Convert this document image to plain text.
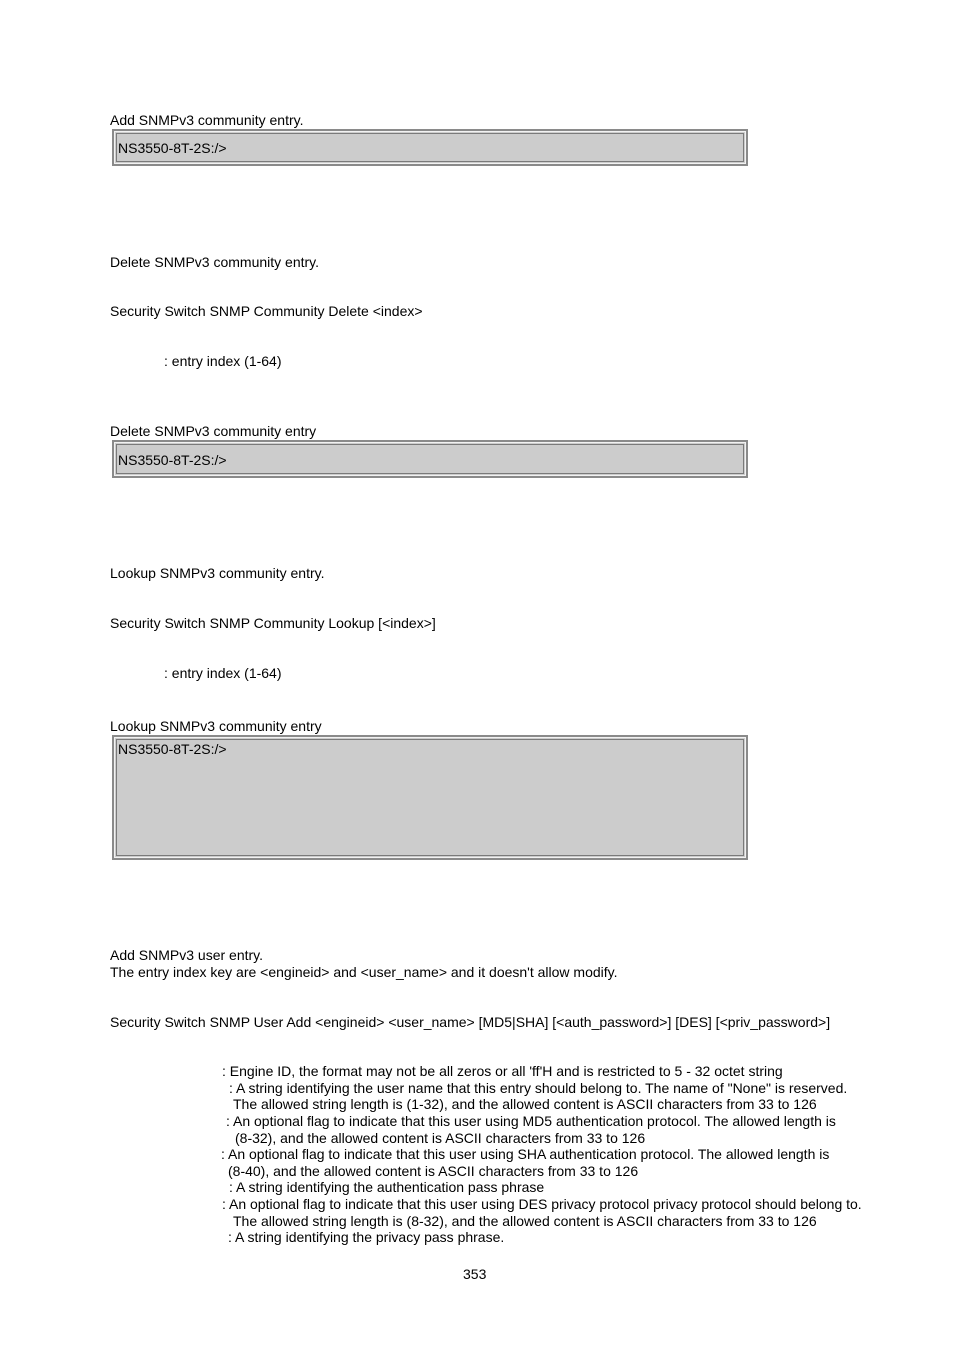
Add SNMPv3 community entry.
NS3550-8T-2S:/>
Delete SNMPv3 community entry.
Security Switch SNMP Community Delete <index>
: entry index (1-64)
Delete SNMPv3 community entry
NS3550-8T-2S:/>
Lookup SNMPv3 community entry.
Security Switch SNMP Community Lookup [<index>]
: entry index (1-64)
Lookup SNMPv3 community entry
NS3550-8T-2S:/>
Add SNMPv3 user entry.
The entry index key are <engineid> and <user_name> and it doesn't allow modify.
Security Switch SNMP User Add <engineid> <user_name> [MD5|SHA] [<auth_password>] [DES] [<priv_password>]
: Engine ID, the format may not be all zeros or all 'ff'H and is restricted to 5 - 32 octet string
: A string identifying the user name that this entry should belong to. The name of "None" is reserved.
The allowed string length is (1-32), and the allowed content is ASCII characters from 33 to 126
: An optional flag to indicate that this user using MD5 authentication protocol. The allowed length is
(8-32), and the allowed content is ASCII characters from 33 to 126
: An optional flag to indicate that this user using SHA authentication protocol. The allowed length is
(8-40), and the allowed content is ASCII characters from 33 to 126
: A string identifying the authentication pass phrase
: An optional flag to indicate that this user using DES privacy protocol privacy protocol should belong to.
The allowed string length is (8-32), and the allowed content is ASCII characters from 33 to 126
: A string identifying the privacy pass phrase.
353
